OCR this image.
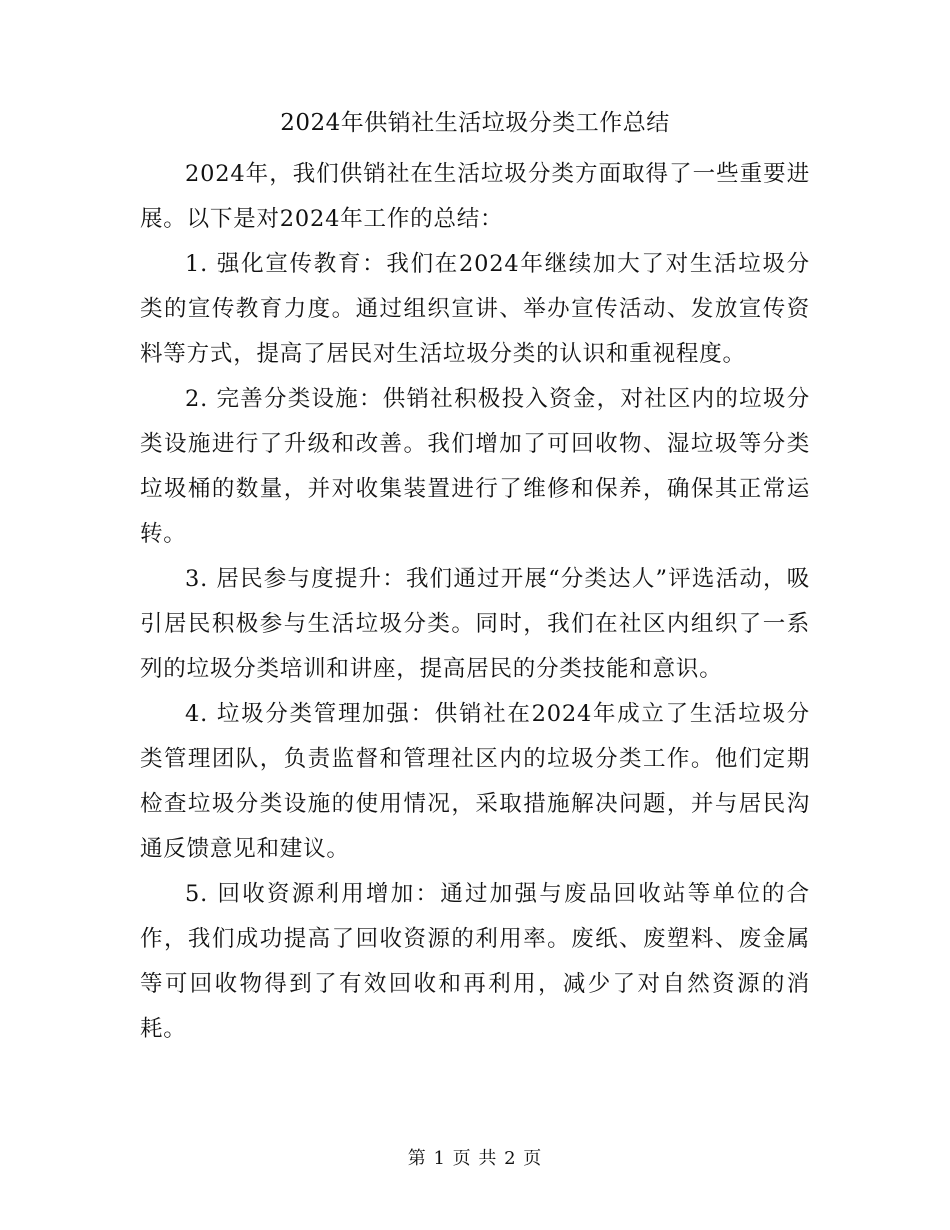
2024年供销社生活垃圾分类工作总结

2024年，我们供销社在生活垃圾分类方面取得了一些重要进展。以下是对2024年工作的总结：

1. 强化宣传教育：我们在2024年继续加大了对生活垃圾分类的宣传教育力度。通过组织宣讲、举办宣传活动、发放宣传资料等方式，提高了居民对生活垃圾分类的认识和重视程度。

2. 完善分类设施：供销社积极投入资金，对社区内的垃圾分类设施进行了升级和改善。我们增加了可回收物、湿垃圾等分类垃圾桶的数量，并对收集装置进行了维修和保养，确保其正常运转。

3. 居民参与度提升：我们通过开展“分类达人”评选活动，吸引居民积极参与生活垃圾分类。同时，我们在社区内组织了一系列的垃圾分类培训和讲座，提高居民的分类技能和意识。

4. 垃圾分类管理加强：供销社在2024年成立了生活垃圾分类管理团队，负责监督和管理社区内的垃圾分类工作。他们定期检查垃圾分类设施的使用情况，采取措施解决问题，并与居民沟通反馈意见和建议。

5. 回收资源利用增加：通过加强与废品回收站等单位的合作，我们成功提高了回收资源的利用率。废纸、废塑料、废金属等可回收物得到了有效回收和再利用，减少了对自然资源的消耗。

第 1 页 共 2 页
